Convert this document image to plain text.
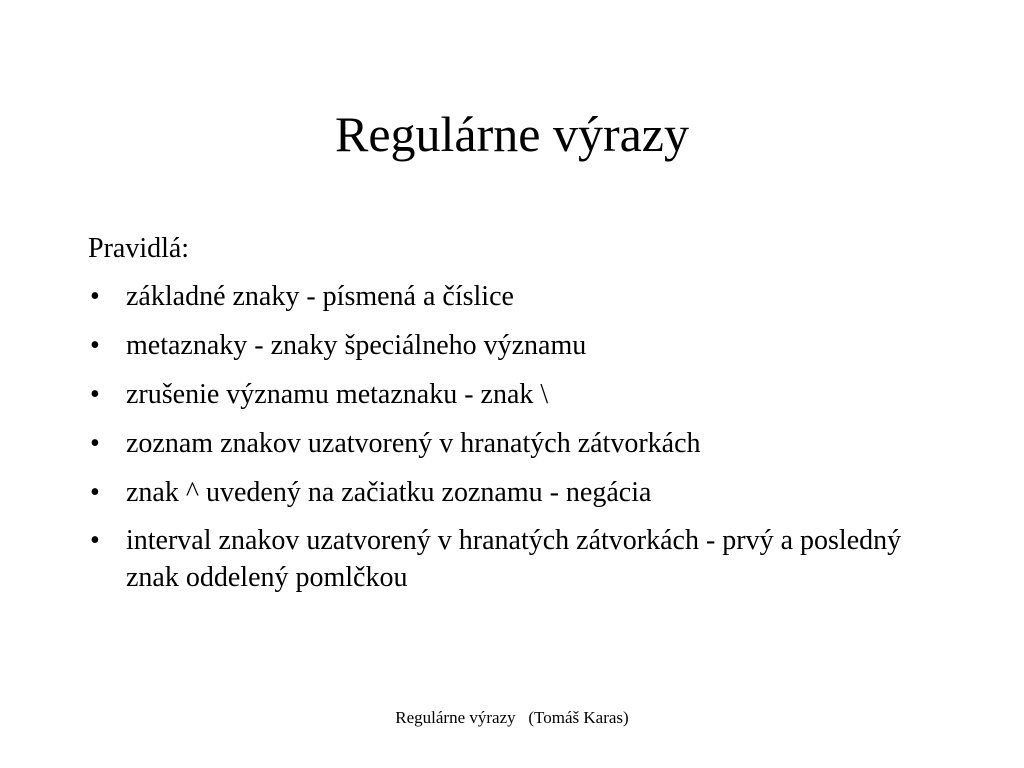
Regulárne výrazy

Pravidlá:

• základné znaky - písmená a číslice
• metaznaky - znaky špeciálneho významu
• zrušenie významu metaznaku - znak \
• zoznam znakov uzatvorený v hranatých zátvorkách
• znak ^ uvedený na začiatku zoznamu - negácia
• interval znakov uzatvorený v hranatých zátvorkách - prvý a posledný znak oddelený pomlčkou
Regulárne výrazy   (Tomáš Karas)
